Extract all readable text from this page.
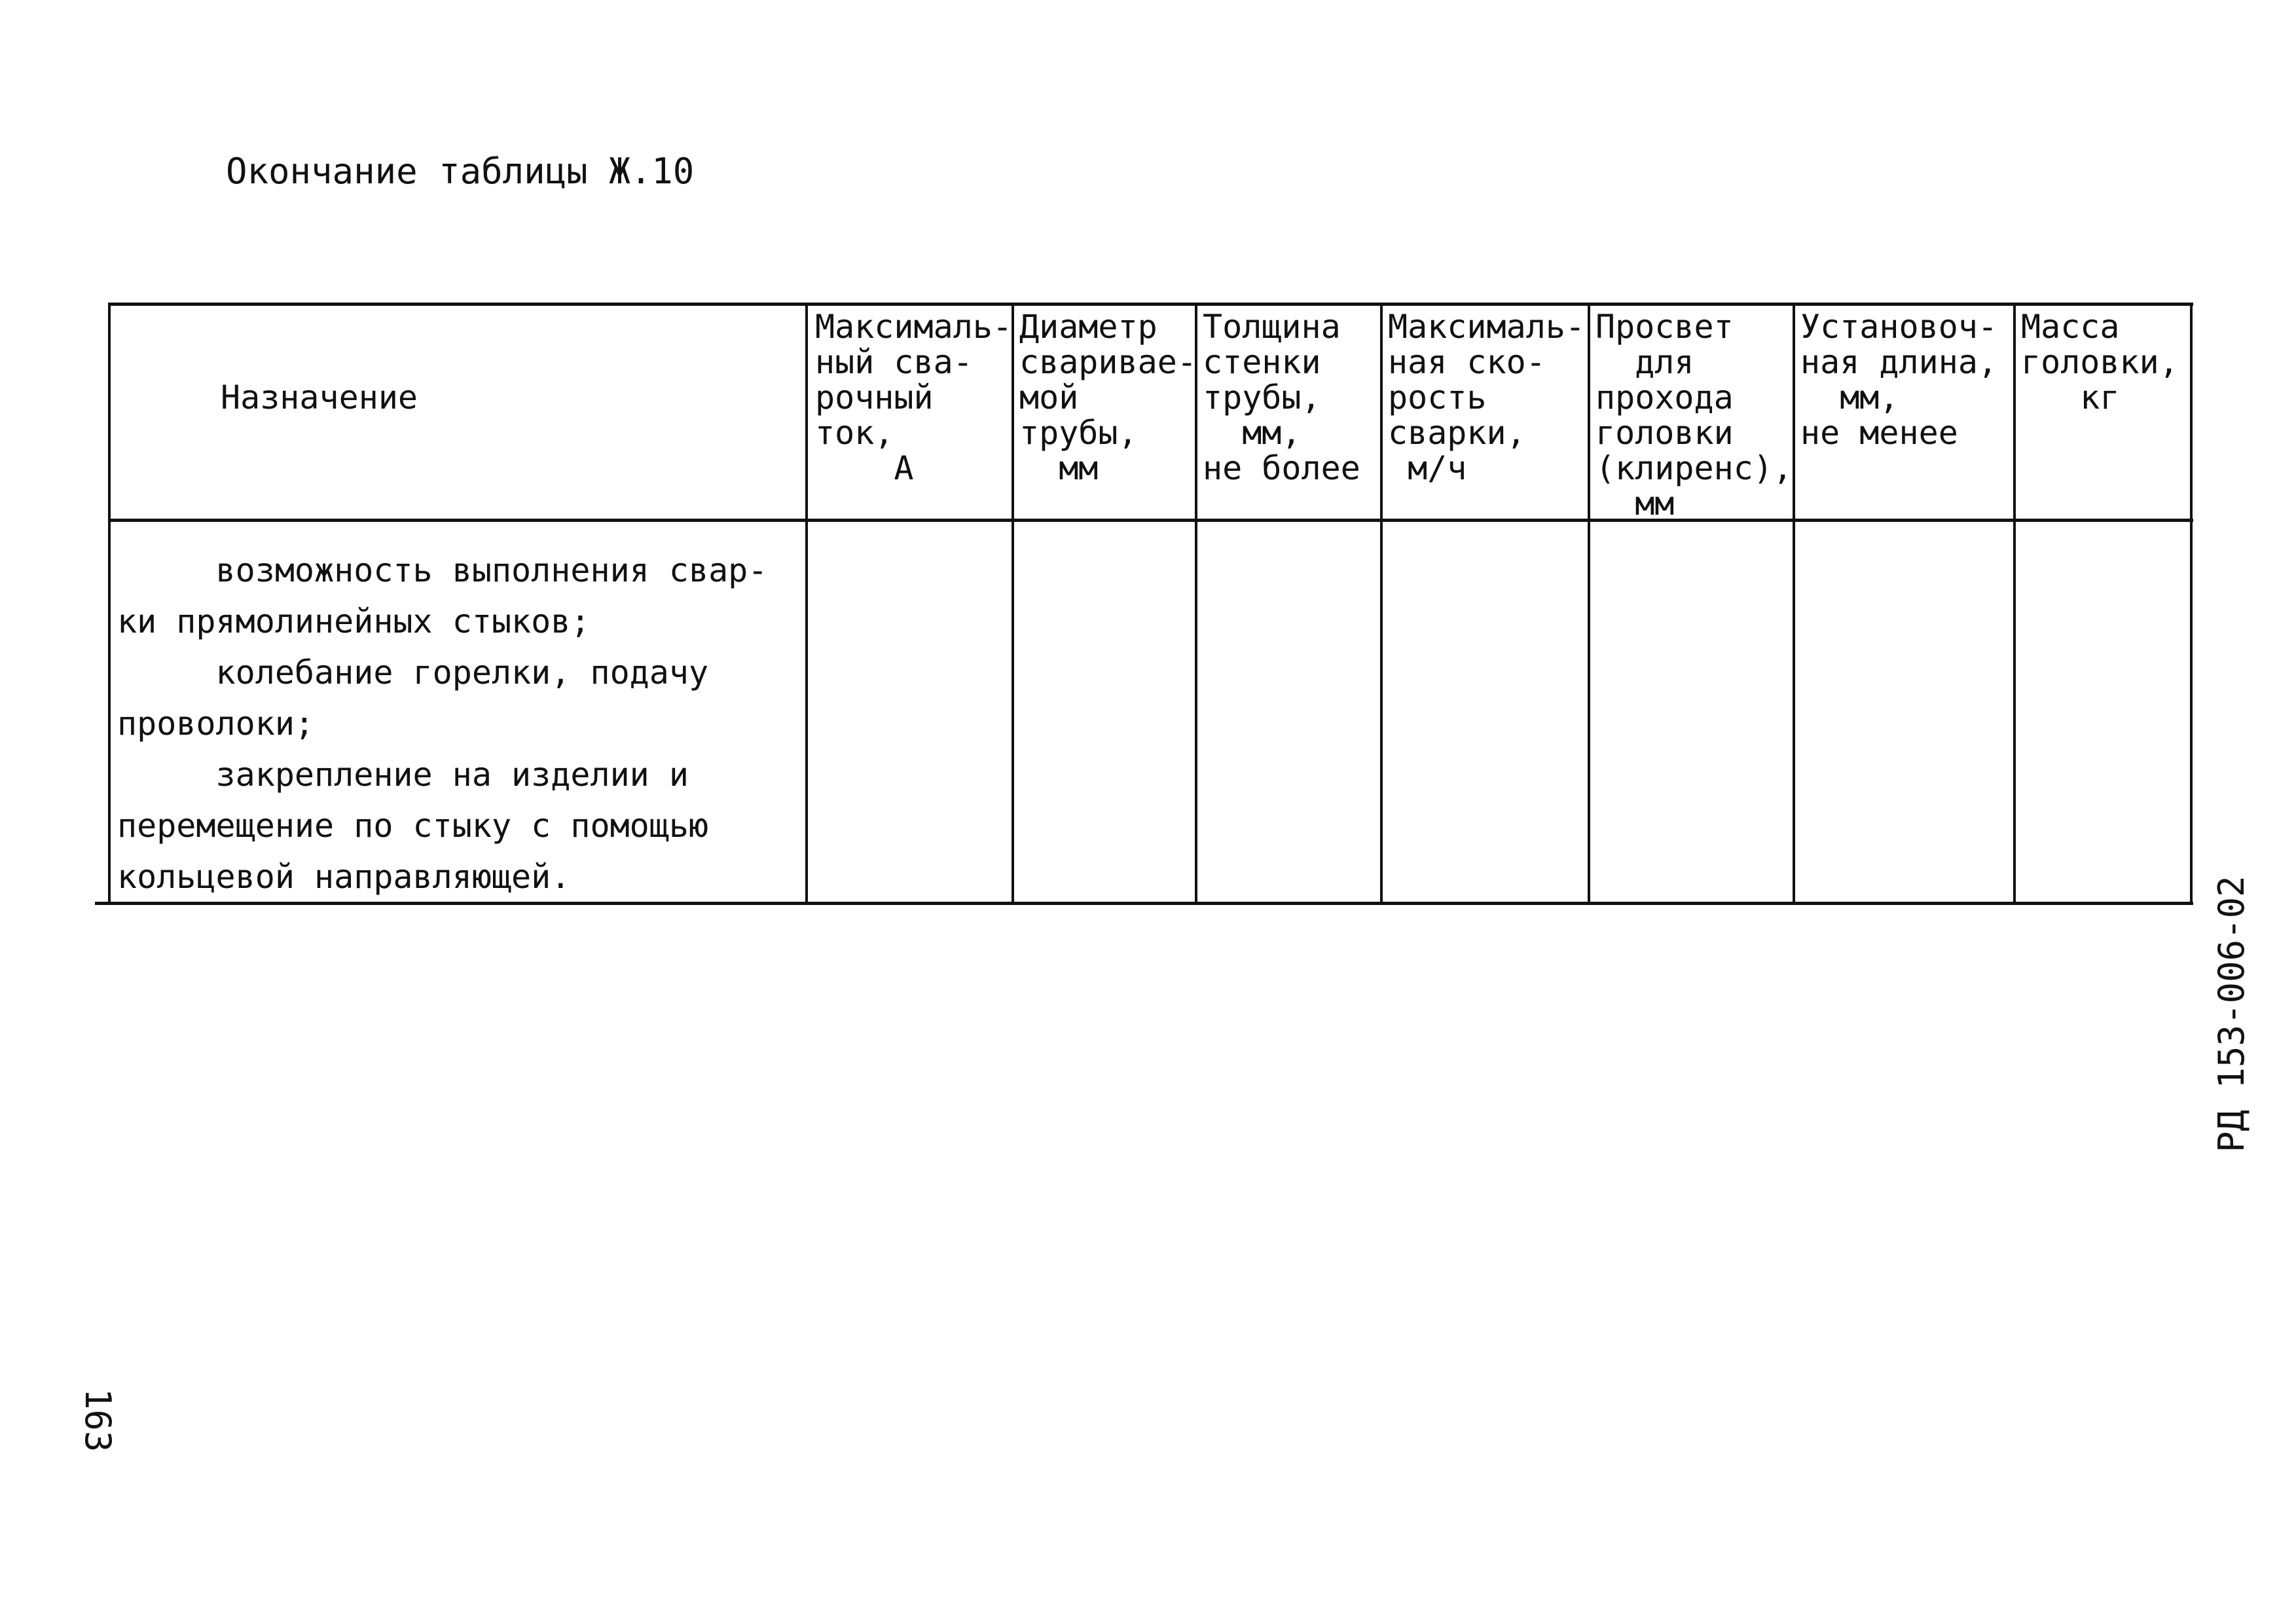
Окончание таблицы Ж.10
Назначение
Максималь-
ный сва-
рочный
ток,
А
Диаметр
сваривае-
мой
трубы,
мм
Толщина
стенки
трубы,
мм,
не более
Максималь-
ная ско-
рость
сварки,
м/ч
Просвет
для
прохода
головки
(клиренс),
мм
Установоч-
ная длина,
мм,
не менее
Масса
головки,
кг
возможность выполнения свар-
ки прямолинейных стыков;
колебание горелки, подачу
проволоки;
закрепление на изделии и
перемещение по стыку с помощью
кольцевой направляющей.
163
РД 153-006-02
